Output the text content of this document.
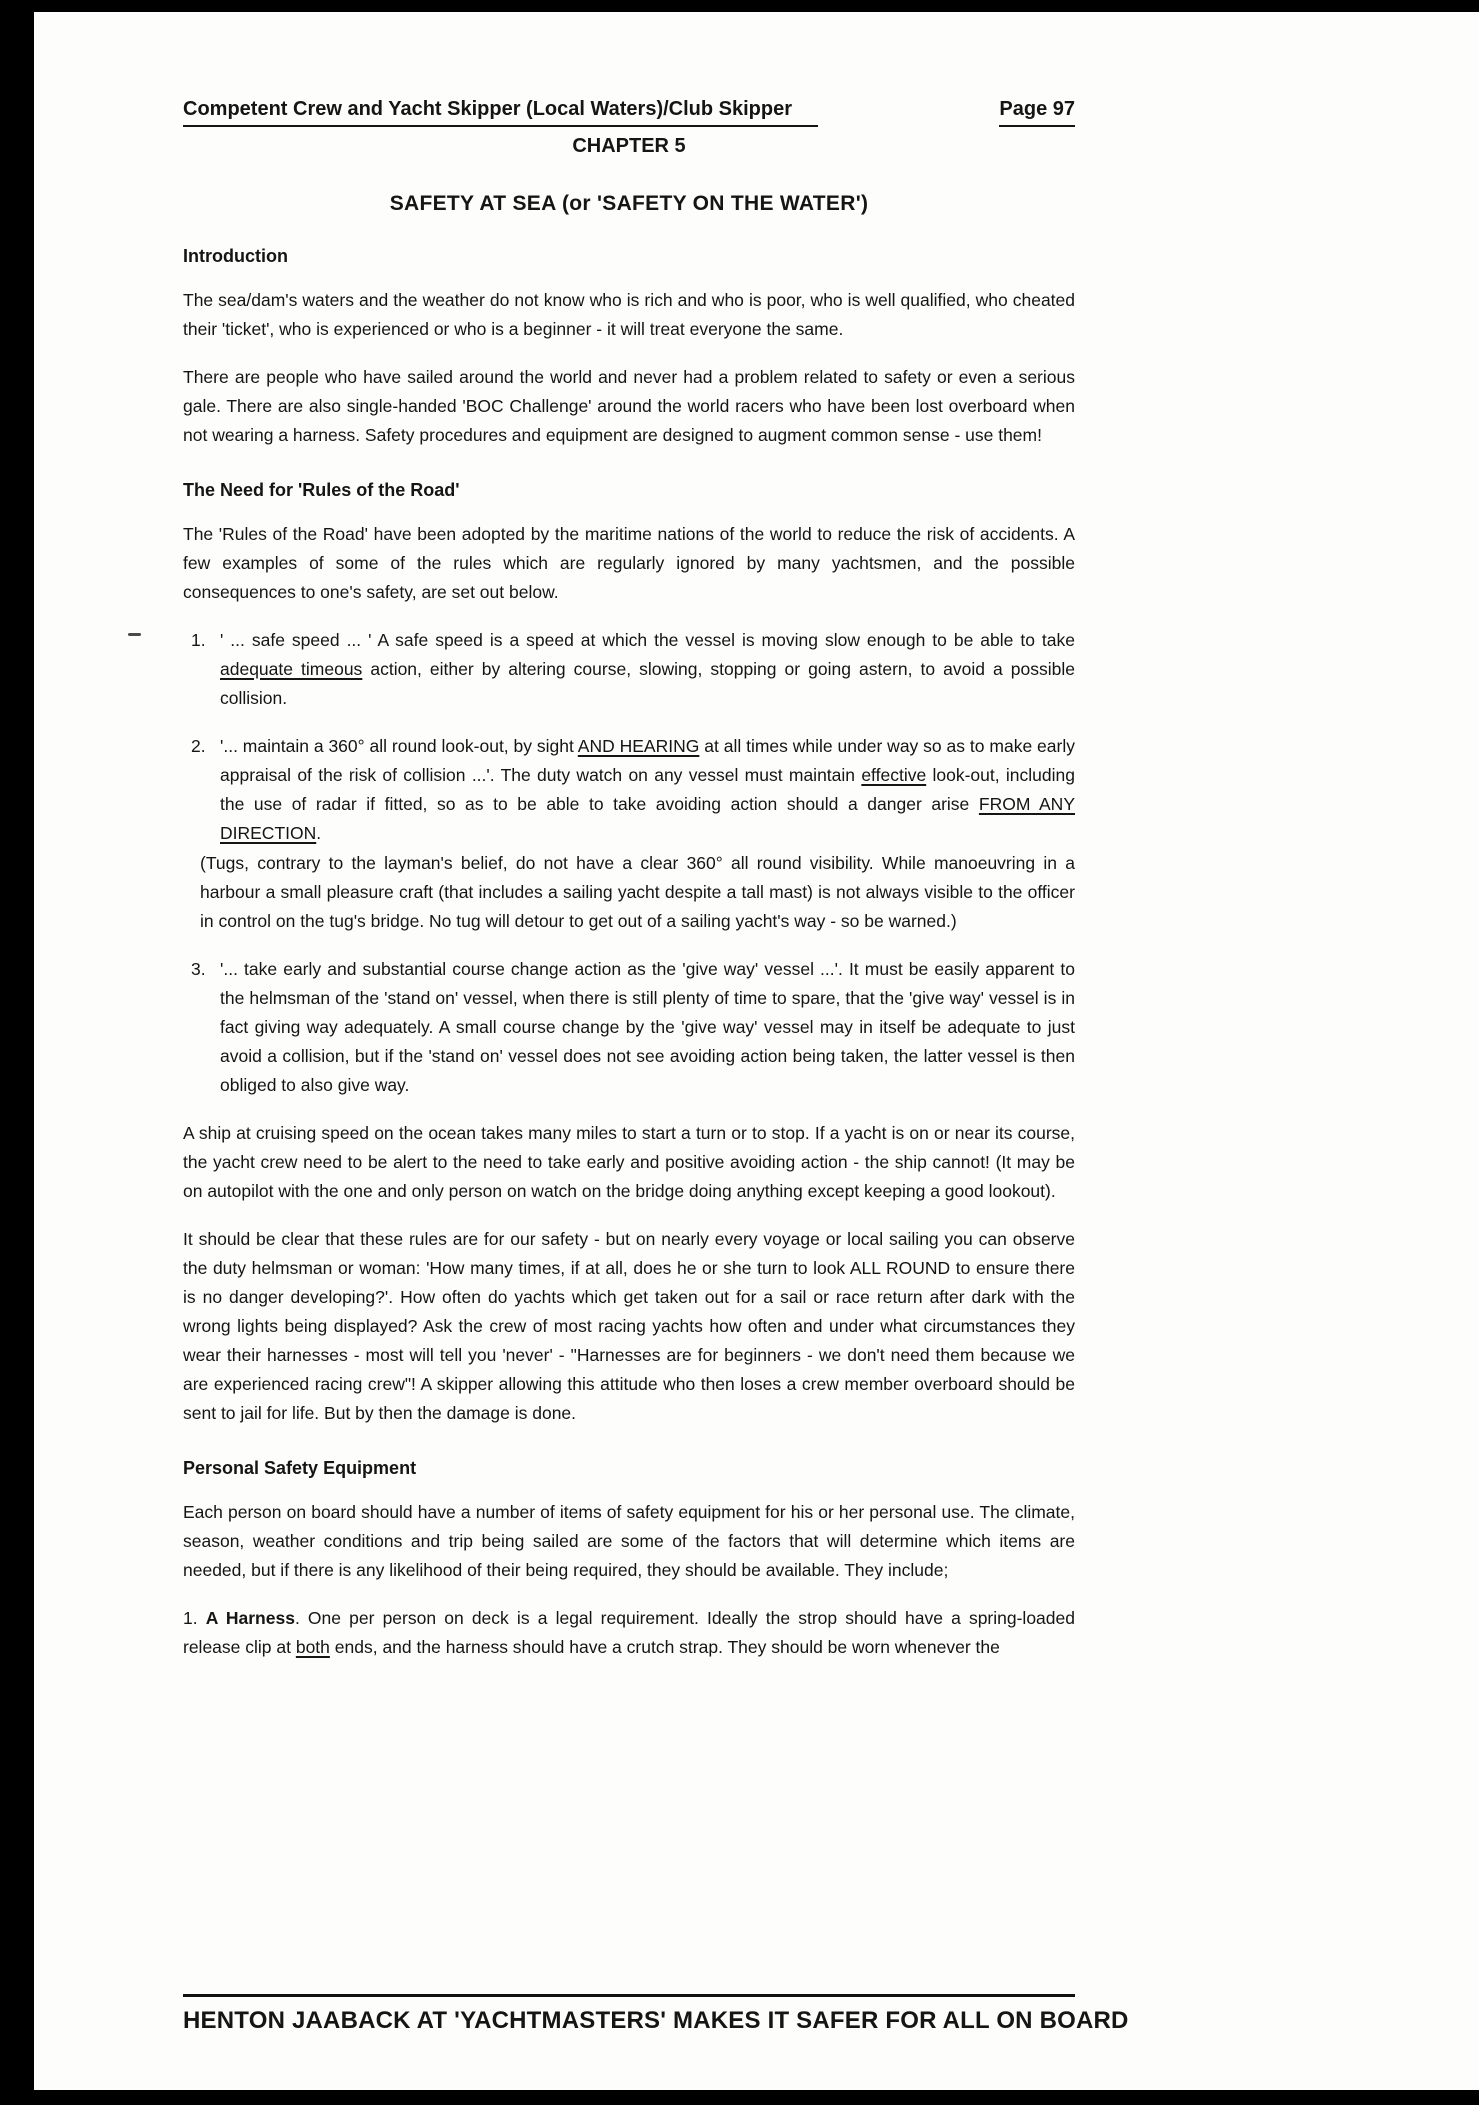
Competent Crew and Yacht Skipper (Local Waters)/Club Skipper	Page 97
CHAPTER 5
SAFETY AT SEA (or 'SAFETY ON THE WATER')
Introduction

The sea/dam's waters and the weather do not know who is rich and who is poor, who is well qualified, who cheated their 'ticket', who is experienced or who is a beginner - it will treat everyone the same.

There are people who have sailed around the world and never had a problem related to safety or even a serious gale. There are also single-handed 'BOC Challenge' around the world racers who have been lost overboard when not wearing a harness. Safety procedures and equipment are designed to augment common sense - use them!

The Need for 'Rules of the Road'

The 'Rules of the Road' have been adopted by the maritime nations of the world to reduce the risk of accidents. A few examples of some of the rules which are regularly ignored by many yachtsmen, and the possible consequences to one's safety, are set out below.

1. ' ... safe speed ... ' A safe speed is a speed at which the vessel is moving slow enough to be able to take adequate timeous action, either by altering course, slowing, stopping or going astern, to avoid a possible collision.
2. '... maintain a 360° all round look-out, by sight AND HEARING at all times while under way so as to make early appraisal of the risk of collision ...'. The duty watch on any vessel must maintain effective look-out, including the use of radar if fitted, so as to be able to take avoiding action should a danger arise FROM ANY DIRECTION.
(Tugs, contrary to the layman's belief, do not have a clear 360° all round visibility. While manoeuvring in a harbour a small pleasure craft (that includes a sailing yacht despite a tall mast) is not always visible to the officer in control on the tug's bridge. No tug will detour to get out of a sailing yacht's way - so be warned.)
3. '... take early and substantial course change action as the 'give way' vessel ...'. It must be easily apparent to the helmsman of the 'stand on' vessel, when there is still plenty of time to spare, that the 'give way' vessel is in fact giving way adequately. A small course change by the 'give way' vessel may in itself be adequate to just avoid a collision, but if the 'stand on' vessel does not see avoiding action being taken, the latter vessel is then obliged to also give way.

A ship at cruising speed on the ocean takes many miles to start a turn or to stop. If a yacht is on or near its course, the yacht crew need to be alert to the need to take early and positive avoiding action - the ship cannot! (It may be on autopilot with the one and only person on watch on the bridge doing anything except keeping a good lookout).

It should be clear that these rules are for our safety - but on nearly every voyage or local sailing you can observe the duty helmsman or woman: 'How many times, if at all, does he or she turn to look ALL ROUND to ensure there is no danger developing?'. How often do yachts which get taken out for a sail or race return after dark with the wrong lights being displayed? Ask the crew of most racing yachts how often and under what circumstances they wear their harnesses - most will tell you 'never' - "Harnesses are for beginners - we don't need them because we are experienced racing crew"! A skipper allowing this attitude who then loses a crew member overboard should be sent to jail for life. But by then the damage is done.

Personal Safety Equipment

Each person on board should have a number of items of safety equipment for his or her personal use. The climate, season, weather conditions and trip being sailed are some of the factors that will determine which items are needed, but if there is any likelihood of their being required, they should be available. They include;

1. A Harness. One per person on deck is a legal requirement. Ideally the strop should have a spring-loaded release clip at both ends, and the harness should have a crutch strap. They should be worn whenever the

HENTON JAABACK AT 'YACHTMASTERS' MAKES IT SAFER FOR ALL ON BOARD
